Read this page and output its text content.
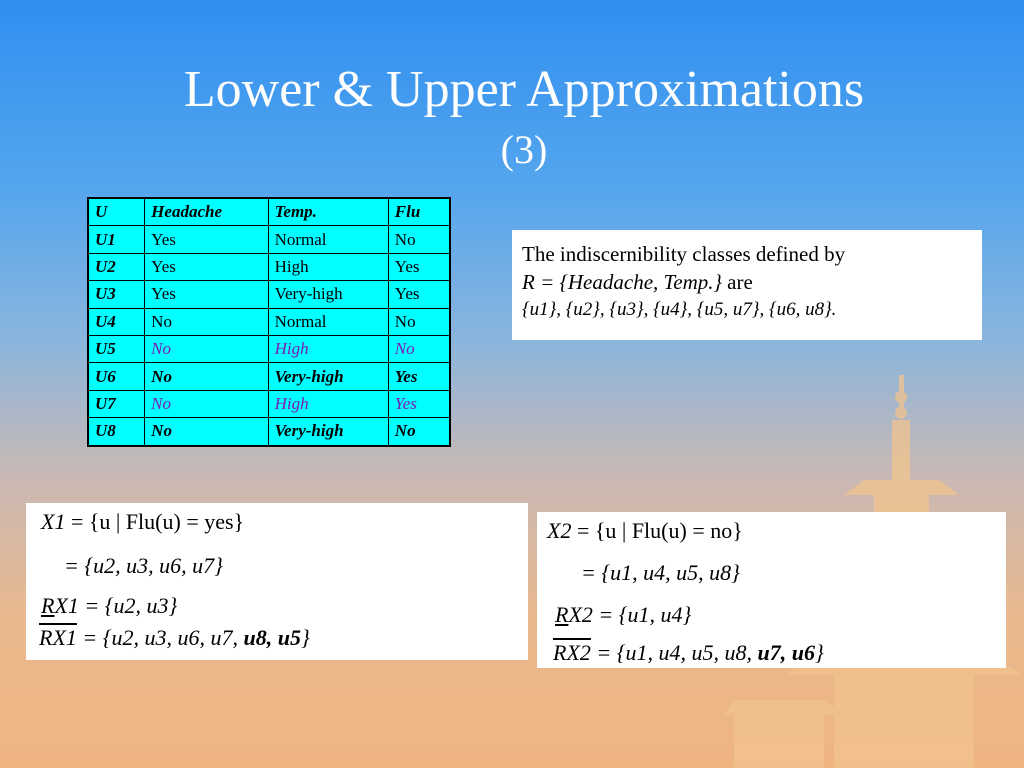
Lower & Upper Approximations
(3)
U	Headache	Temp.	Flu
U1	Yes	Normal	No
U2	Yes	High	Yes
U3	Yes	Very-high	Yes
U4	No	Normal	No
U5	No	High	No
U6	No	Very-high	Yes
U7	No	High	Yes
U8	No	Very-high	No
The indiscernibility classes defined by
R = {Headache, Temp.} are
{u1}, {u2}, {u3}, {u4}, {u5, u7}, {u6, u8}.
X1 = {u | Flu(u) = yes}
= {u2, u3, u6, u7}
RX1 = {u2, u3}
RX1 = {u2, u3, u6, u7, u8, u5}
X2 = {u | Flu(u) = no}
= {u1, u4, u5, u8}
RX2 = {u1, u4}
RX2 = {u1, u4, u5, u8, u7, u6}
